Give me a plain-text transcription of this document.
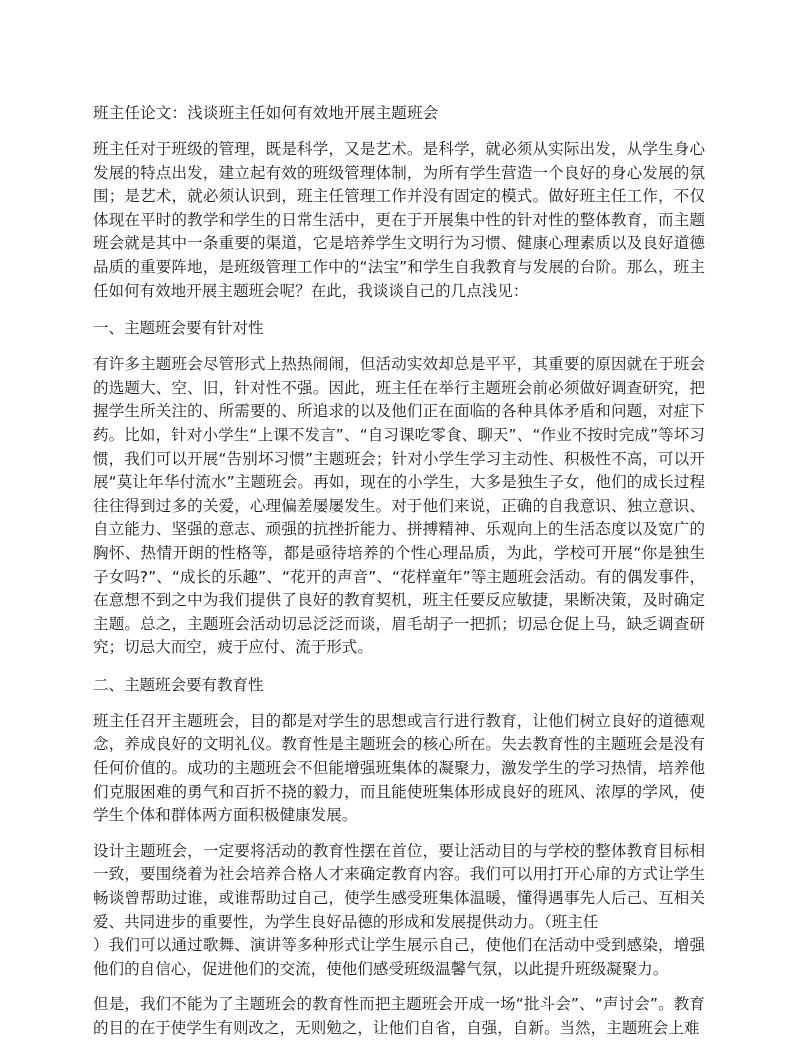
班主任论文：浅谈班主任如何有效地开展主题班会

班主任对于班级的管理，既是科学，又是艺术。是科学，就必须从实际出发，从学生身心发展的特点出发，建立起有效的班级管理体制，为所有学生营造一个良好的身心发展的氛围；是艺术，就必须认识到，班主任管理工作并没有固定的模式。做好班主任工作，不仅体现在平时的教学和学生的日常生活中，更在于开展集中性的针对性的整体教育，而主题班会就是其中一条重要的渠道，它是培养学生文明行为习惯、健康心理素质以及良好道德品质的重要阵地，是班级管理工作中的“法宝”和学生自我教育与发展的台阶。那么，班主任如何有效地开展主题班会呢？在此，我谈谈自己的几点浅见：

一、主题班会要有针对性

有许多主题班会尽管形式上热热闹闹，但活动实效却总是平平，其重要的原因就在于班会的选题大、空、旧，针对性不强。因此，班主任在举行主题班会前必须做好调查研究，把握学生所关注的、所需要的、所追求的以及他们正在面临的各种具体矛盾和问题，对症下药。比如，针对小学生“上课不发言”、“自习课吃零食、聊天”、“作业不按时完成”等坏习惯，我们可以开展“告别坏习惯”主题班会；针对小学生学习主动性、积极性不高，可以开展“莫让年华付流水”主题班会。再如，现在的小学生，大多是独生子女，他们的成长过程往往得到过多的关爱，心理偏差屡屡发生。对于他们来说，正确的自我意识、独立意识、自立能力、坚强的意志、顽强的抗挫折能力、拼搏精神、乐观向上的生活态度以及宽广的胸怀、热情开朗的性格等，都是亟待培养的个性心理品质，为此，学校可开展“你是独生子女吗?”、“成长的乐趣”、“花开的声音”、“花样童年”等主题班会活动。有的偶发事件，在意想不到之中为我们提供了良好的教育契机，班主任要反应敏捷，果断决策，及时确定主题。总之，主题班会活动切忌泛泛而谈，眉毛胡子一把抓；切忌仓促上马，缺乏调查研究；切忌大而空，疲于应付、流于形式。

二、主题班会要有教育性

班主任召开主题班会，目的都是对学生的思想或言行进行教育，让他们树立良好的道德观念，养成良好的文明礼仪。教育性是主题班会的核心所在。失去教育性的主题班会是没有任何价值的。成功的主题班会不但能增强班集体的凝聚力，激发学生的学习热情，培养他们克服困难的勇气和百折不挠的毅力，而且能使班集体形成良好的班风、浓厚的学风，使学生个体和群体两方面积极健康发展。

设计主题班会，一定要将活动的教育性摆在首位，要让活动目的与学校的整体教育目标相一致，要围绕着为社会培养合格人才来确定教育内容。我们可以用打开心扉的方式让学生畅谈曾帮助过谁，或谁帮助过自己，使学生感受班集体温暖，懂得遇事先人后己、互相关爱、共同进步的重要性，为学生良好品德的形成和发展提供动力。（班主任

）我们可以通过歌舞、演讲等多种形式让学生展示自己，使他们在活动中受到感染，增强他们的自信心，促进他们的交流，使他们感受班级温馨气氛，以此提升班级凝聚力。

但是，我们不能为了主题班会的教育性而把主题班会开成一场“批斗会”、“声讨会”。教育的目的在于使学生有则改之，无则勉之，让他们自省，自强，自新。当然，主题班会上难
